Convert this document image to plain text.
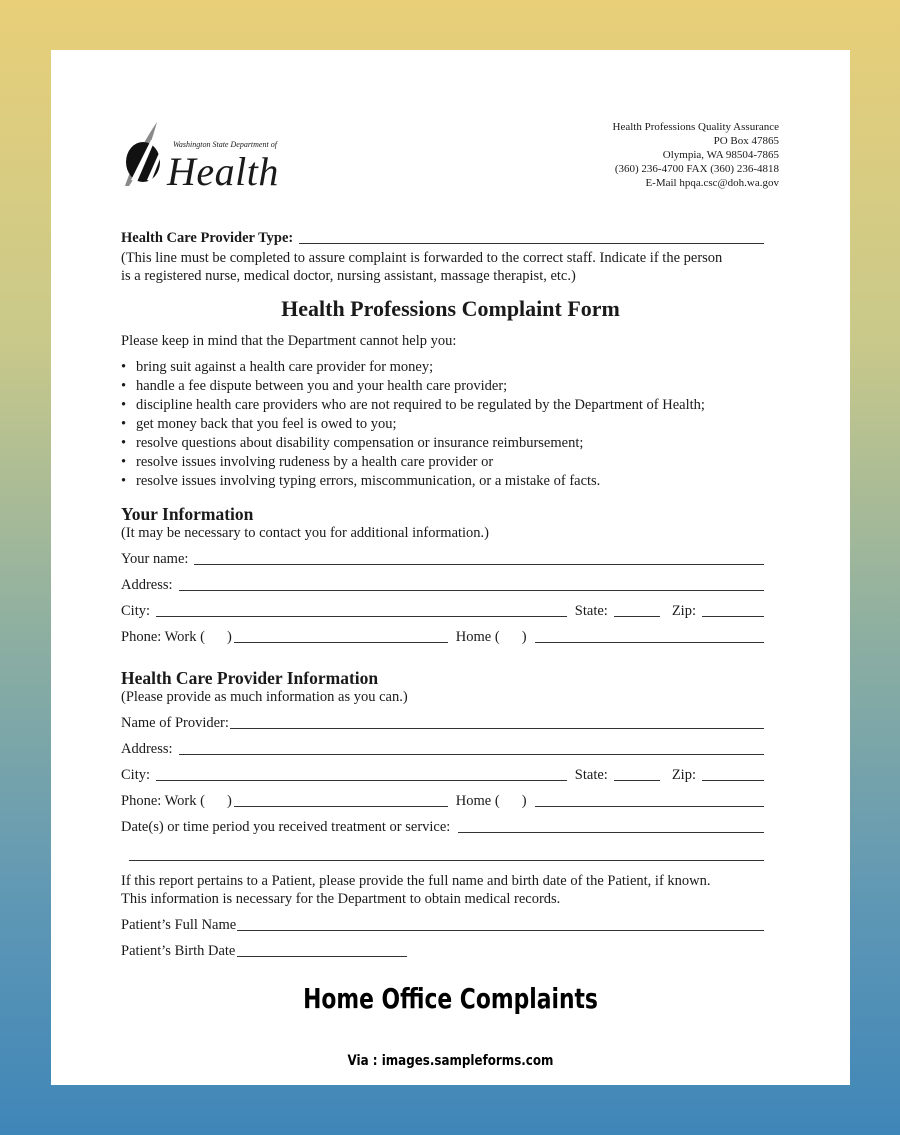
Washington State Department of
Health
Health Professions Quality Assurance
PO Box 47865
Olympia, WA 98504-7865
(360) 236-4700 FAX (360) 236-4818
E-Mail hpqa.csc@doh.wa.gov
Health Care Provider Type:
(This line must be completed to assure complaint is forwarded to the correct staff. Indicate if the person
is a registered nurse, medical doctor, nursing assistant, massage therapist, etc.)
Health Professions Complaint Form
Please keep in mind that the Department cannot help you:
• bring suit against a health care provider for money;
• handle a fee dispute between you and your health care provider;
• discipline health care providers who are not required to be regulated by the Department of Health;
• get money back that you feel is owed to you;
• resolve questions about disability compensation or insurance reimbursement;
• resolve issues involving rudeness by a health care provider or
• resolve issues involving typing errors, miscommunication, or a mistake of facts.
Your Information
(It may be necessary to contact you for additional information.)
Your name:
Address:
City:	State:	Zip:
Phone: Work ( )	Home ( )
Health Care Provider Information
(Please provide as much information as you can.)
Name of Provider:
Address:
City:	State:	Zip:
Phone: Work ( )	Home ( )
Date(s) or time period you received treatment or service:
If this report pertains to a Patient, please provide the full name and birth date of the Patient, if known.
This information is necessary for the Department to obtain medical records.
Patient’s Full Name
Patient’s Birth Date
Home Office Complaints
Via : images.sampleforms.com
